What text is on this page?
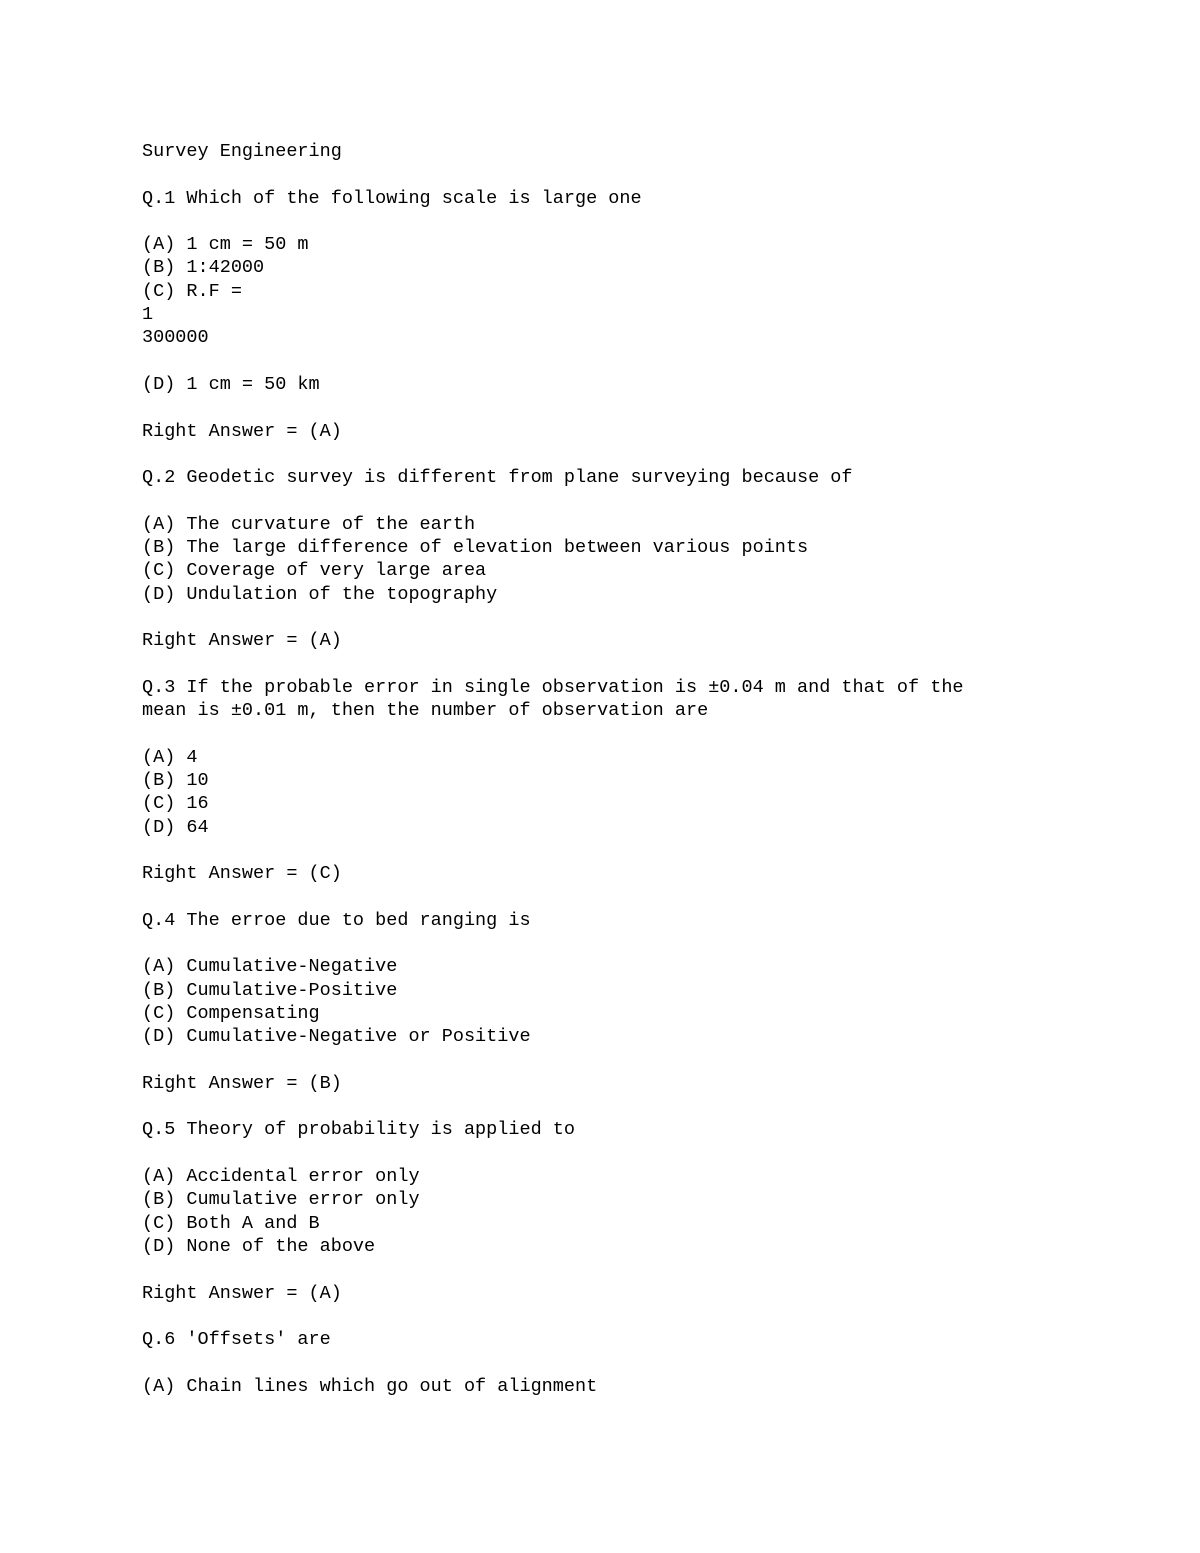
Survey Engineering
Q.1 Which of the following scale is large one
(A) 1 cm = 50 m
(B) 1:42000
(C) R.F =
1
300000
(D) 1 cm = 50 km
Right Answer = (A)
Q.2 Geodetic survey is different from plane surveying because of
(A) The curvature of the earth
(B) The large difference of elevation between various points
(C) Coverage of very large area
(D) Undulation of the topography
Right Answer = (A)
Q.3 If the probable error in single observation is ±0.04 m and that of the
mean is ±0.01 m, then the number of observation are
(A) 4
(B) 10
(C) 16
(D) 64
Right Answer = (C)
Q.4 The erroe due to bed ranging is
(A) Cumulative-Negative
(B) Cumulative-Positive
(C) Compensating
(D) Cumulative-Negative or Positive
Right Answer = (B)
Q.5 Theory of probability is applied to
(A) Accidental error only
(B) Cumulative error only
(C) Both A and B
(D) None of the above
Right Answer = (A)
Q.6 'Offsets' are
(A) Chain lines which go out of alignment
